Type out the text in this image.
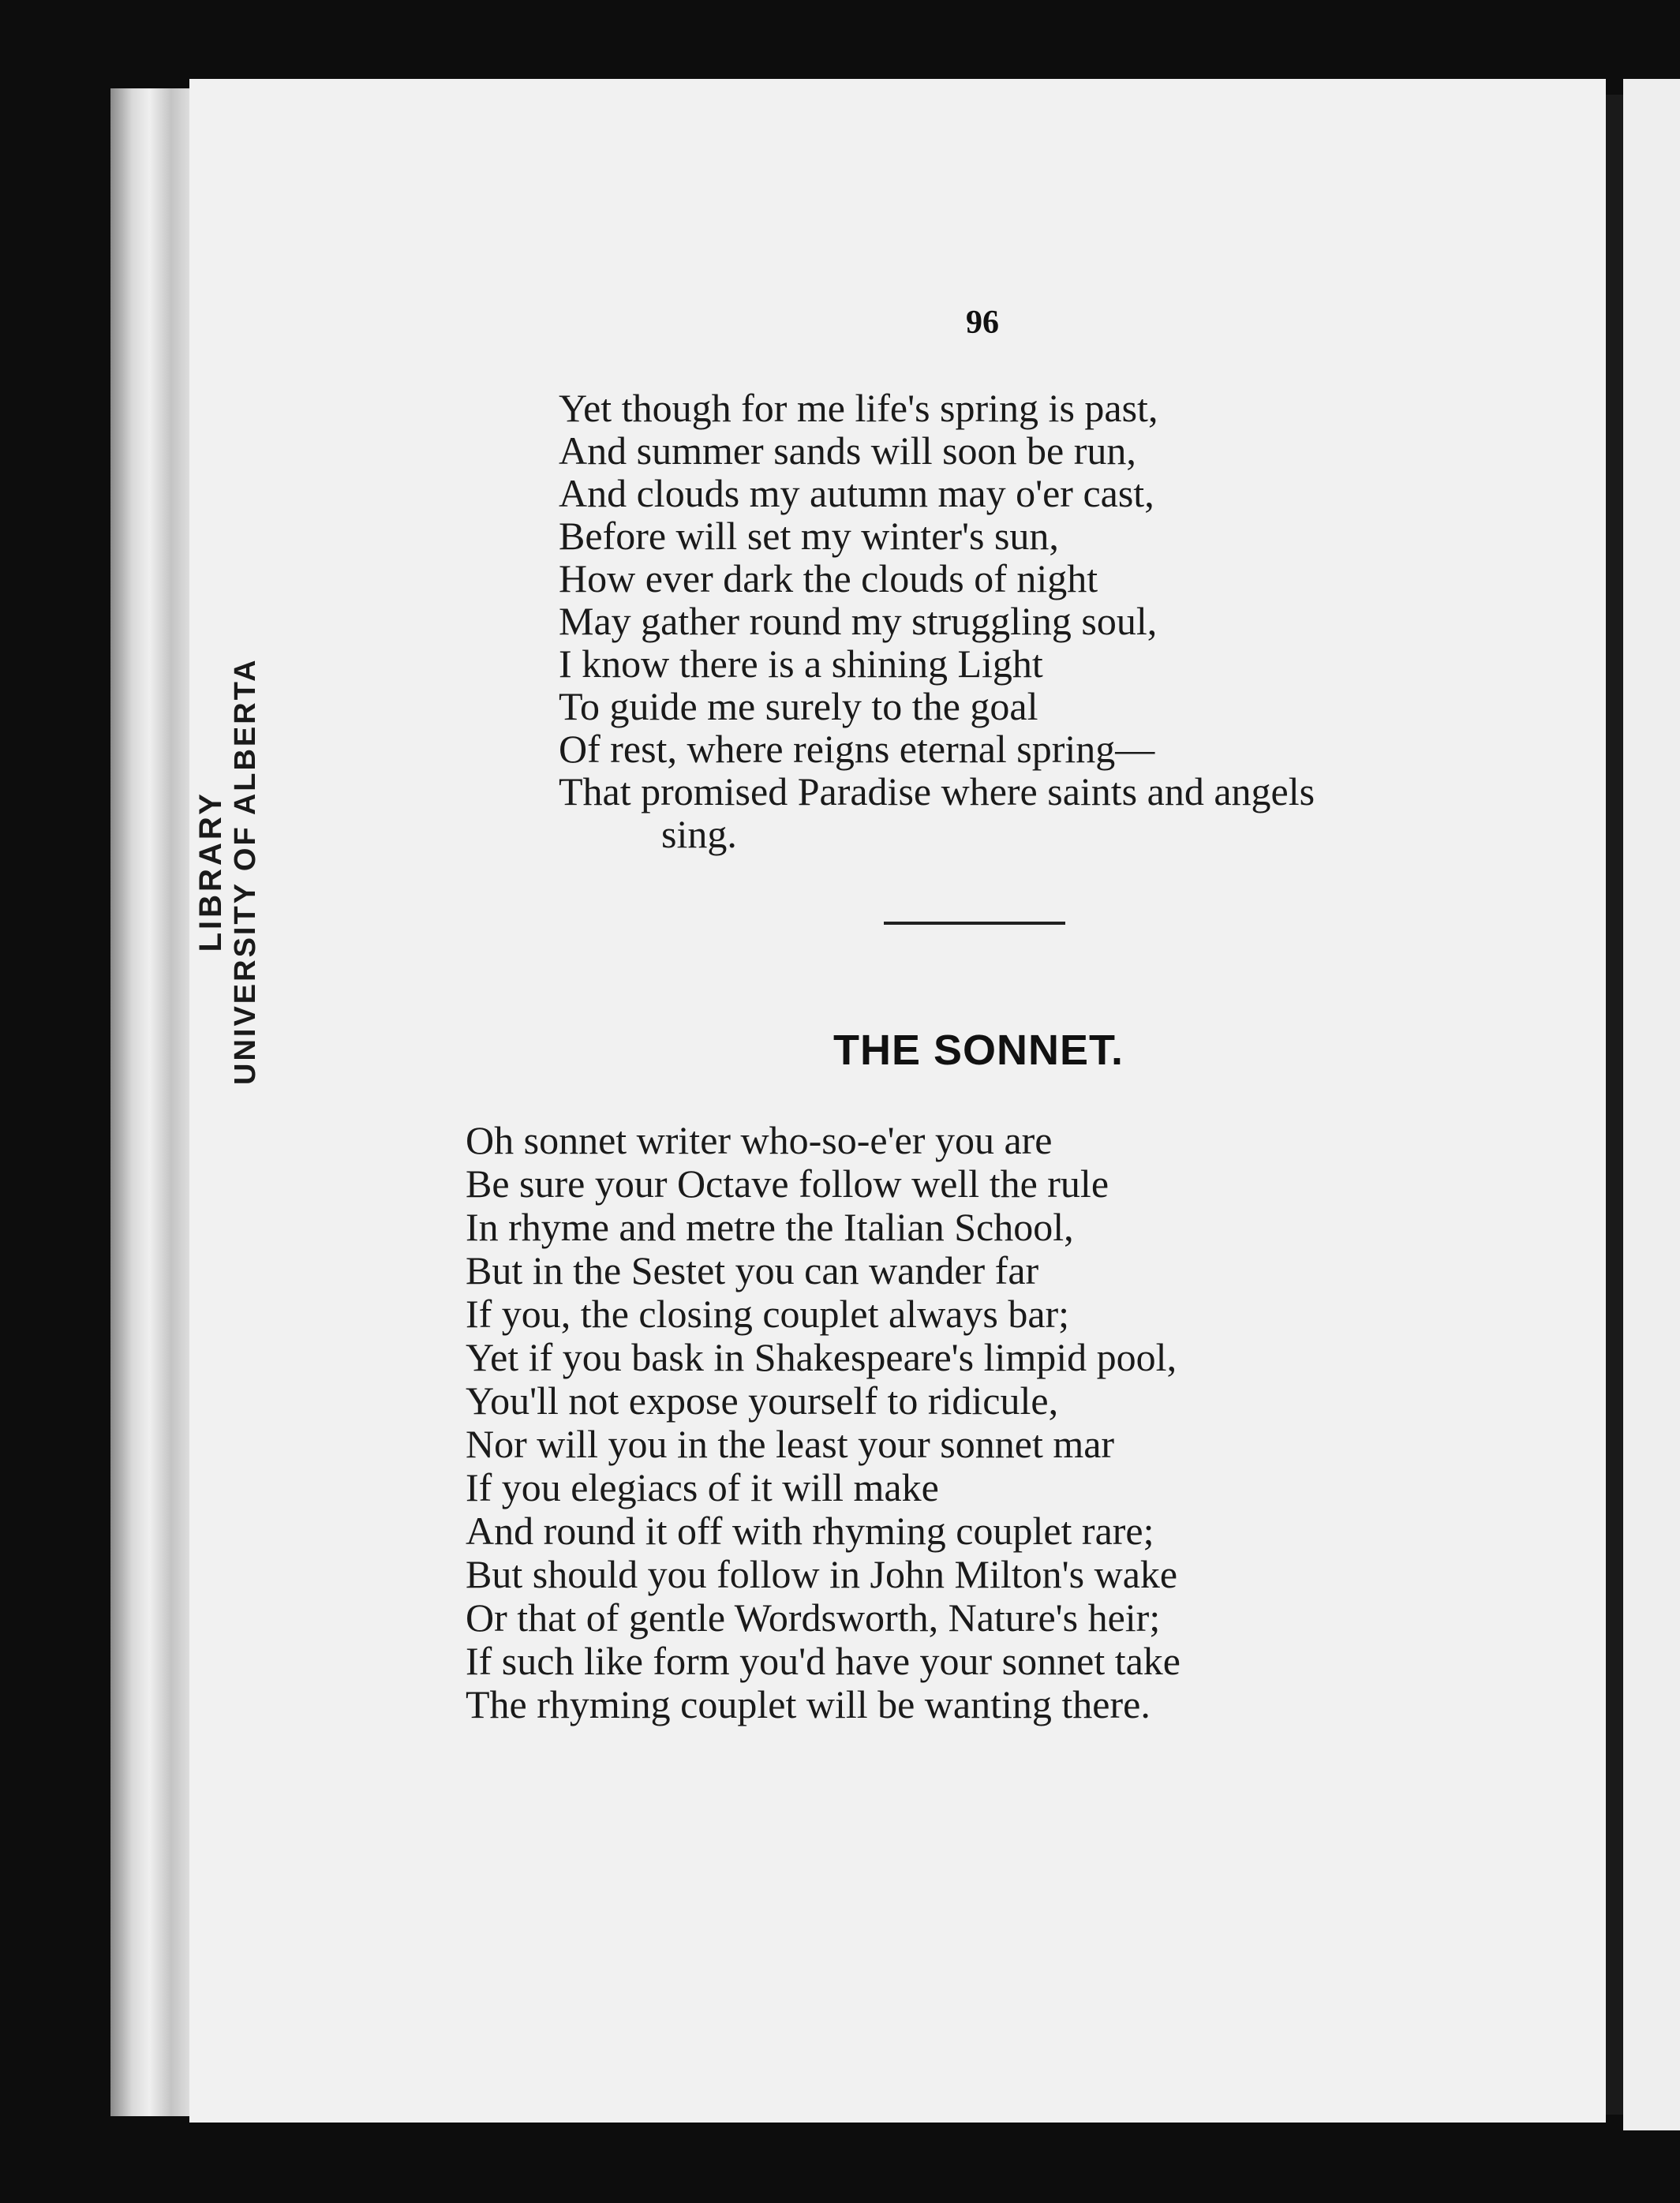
LIBRARY UNIVERSITY OF ALBERTA
96
Yet though for me life's spring is past,
And summer sands will soon be run,
And clouds my autumn may o'er cast,
Before will set my winter's sun,
How ever dark the clouds of night
May gather round my struggling soul,
I know there is a shining Light
To guide me surely to the goal
Of rest, where reigns eternal spring—
That promised Paradise where saints and angels
sing.
THE SONNET.
Oh sonnet writer who-so-e'er you are
Be sure your Octave follow well the rule
In rhyme and metre the Italian School,
But in the Sestet you can wander far
If you, the closing couplet always bar;
Yet if you bask in Shakespeare's limpid pool,
You'll not expose yourself to ridicule,
Nor will you in the least your sonnet mar
If you elegiacs of it will make
And round it off with rhyming couplet rare;
But should you follow in John Milton's wake
Or that of gentle Wordsworth, Nature's heir;
If such like form you'd have your sonnet take
The rhyming couplet will be wanting there.
